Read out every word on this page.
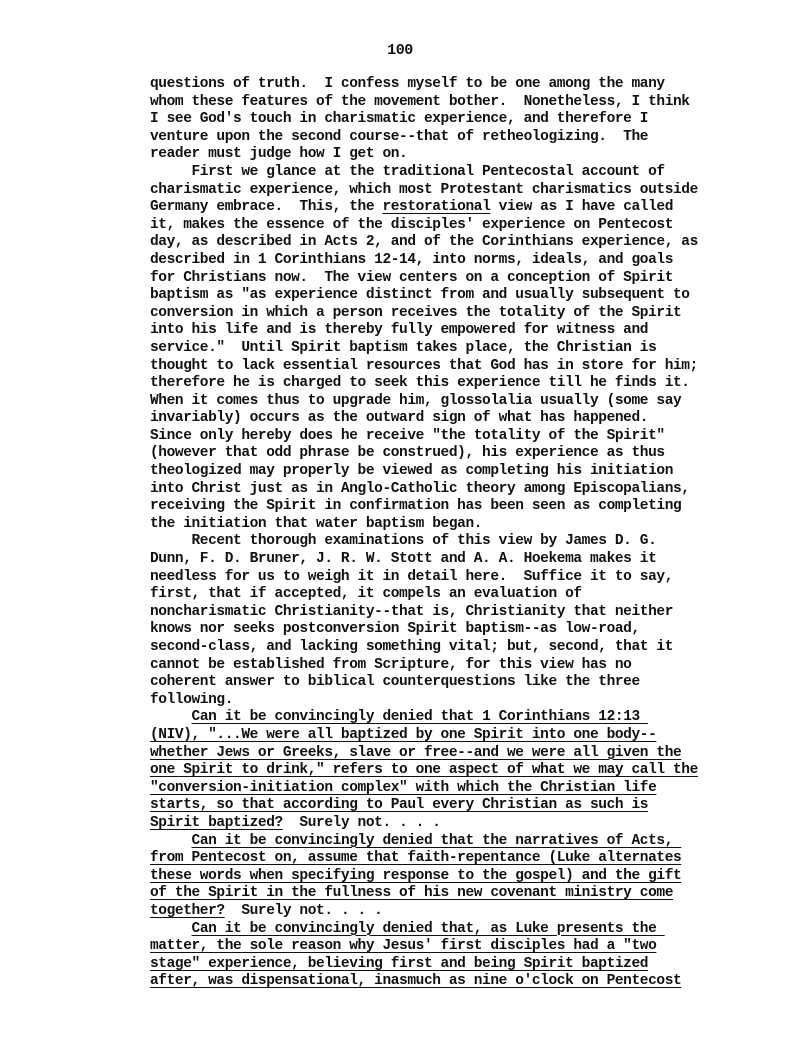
100
questions of truth.  I confess myself to be one among the many
whom these features of the movement bother.  Nonetheless, I think
I see God's touch in charismatic experience, and therefore I
venture upon the second course--that of retheologizing.  The
reader must judge how I get on.
First we glance at the traditional Pentecostal account of
charismatic experience, which most Protestant charismatics outside
Germany embrace.  This, the restorational view as I have called
it, makes the essence of the disciples' experience on Pentecost
day, as described in Acts 2, and of the Corinthians experience, as
described in 1 Corinthians 12-14, into norms, ideals, and goals
for Christians now.  The view centers on a conception of Spirit
baptism as "as experience distinct from and usually subsequent to
conversion in which a person receives the totality of the Spirit
into his life and is thereby fully empowered for witness and
service."  Until Spirit baptism takes place, the Christian is
thought to lack essential resources that God has in store for him;
therefore he is charged to seek this experience till he finds it.
When it comes thus to upgrade him, glossolalia usually (some say
invariably) occurs as the outward sign of what has happened.
Since only hereby does he receive "the totality of the Spirit"
(however that odd phrase be construed), his experience as thus
theologized may properly be viewed as completing his initiation
into Christ just as in Anglo-Catholic theory among Episcopalians,
receiving the Spirit in confirmation has been seen as completing
the initiation that water baptism began.
Recent thorough examinations of this view by James D. G.
Dunn, F. D. Bruner, J. R. W. Stott and A. A. Hoekema makes it
needless for us to weigh it in detail here.  Suffice it to say,
first, that if accepted, it compels an evaluation of
noncharismatic Christianity--that is, Christianity that neither
knows nor seeks postconversion Spirit baptism--as low-road,
second-class, and lacking something vital; but, second, that it
cannot be established from Scripture, for this view has no
coherent answer to biblical counterquestions like the three
following.
Can it be convincingly denied that 1 Corinthians 12:13
(NIV), "...We were all baptized by one Spirit into one body--
whether Jews or Greeks, slave or free--and we were all given the
one Spirit to drink," refers to one aspect of what we may call the
"conversion-initiation complex" with which the Christian life
starts, so that according to Paul every Christian as such is
Spirit baptized?  Surely not. . . .
Can it be convincingly denied that the narratives of Acts,
from Pentecost on, assume that faith-repentance (Luke alternates
these words when specifying response to the gospel) and the gift
of the Spirit in the fullness of his new covenant ministry come
together?  Surely not. . . .
Can it be convincingly denied that, as Luke presents the
matter, the sole reason why Jesus' first disciples had a "two
stage" experience, believing first and being Spirit baptized
after, was dispensational, inasmuch as nine o'clock on Pentecost
